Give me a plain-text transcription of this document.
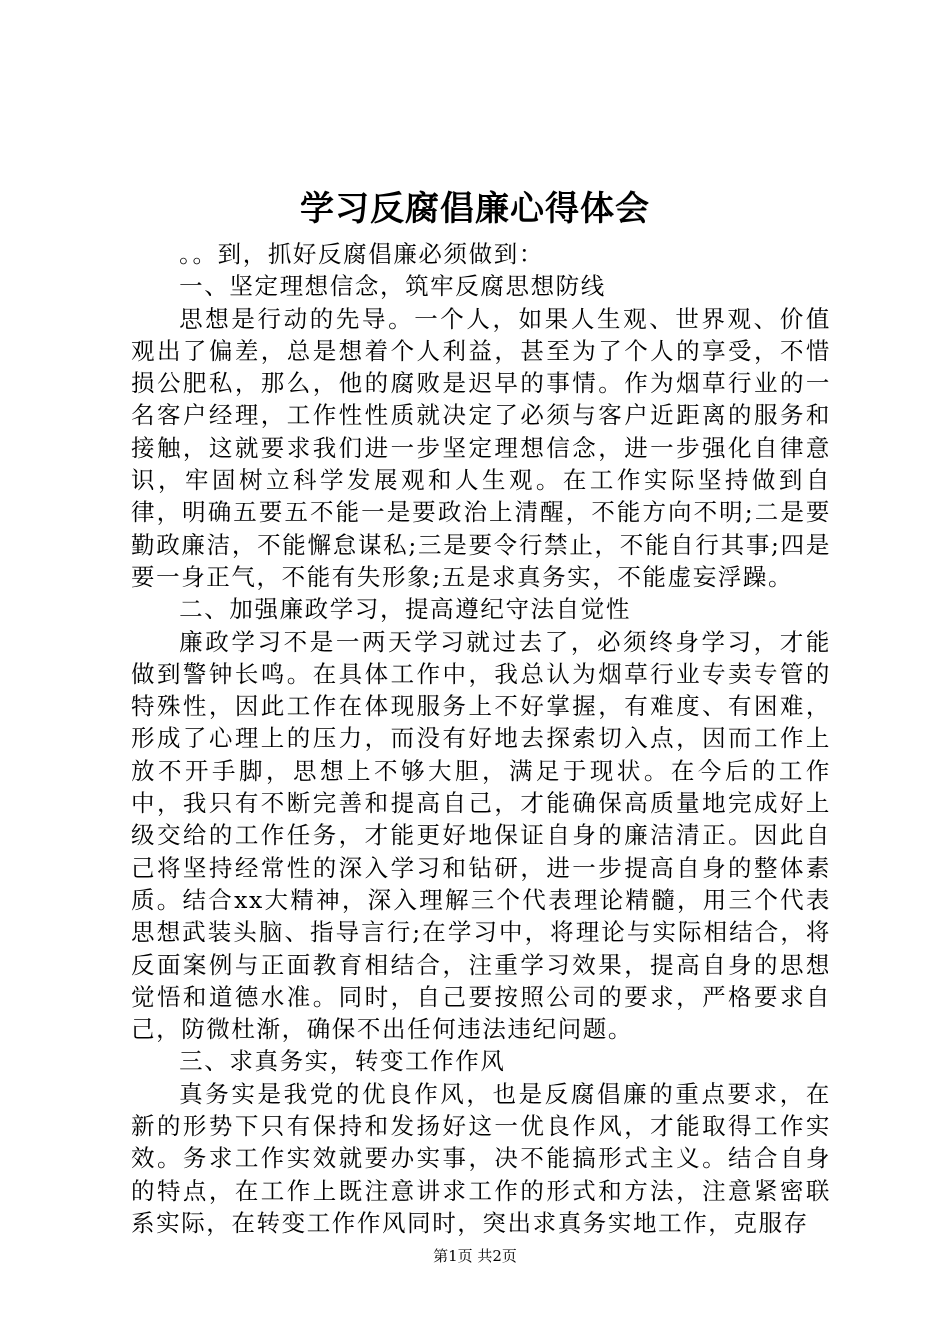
学习反腐倡廉心得体会

。。到，抓好反腐倡廉必须做到：

一、坚定理想信念，筑牢反腐思想防线

思想是行动的先导。一个人，如果人生观、世界观、价值观出了偏差，总是想着个人利益，甚至为了个人的享受，不惜损公肥私，那么，他的腐败是迟早的事情。作为烟草行业的一名客户经理，工作性性质就决定了必须与客户近距离的服务和接触，这就要求我们进一步坚定理想信念，进一步强化自律意识，牢固树立科学发展观和人生观。在工作实际坚持做到自律，明确五要五不能一是要政治上清醒，不能方向不明;二是要勤政廉洁，不能懈怠谋私;三是要令行禁止，不能自行其事;四是要一身正气，不能有失形象;五是求真务实，不能虚妄浮躁。

二、加强廉政学习，提高遵纪守法自觉性

廉政学习不是一两天学习就过去了，必须终身学习，才能做到警钟长鸣。在具体工作中，我总认为烟草行业专卖专管的特殊性，因此工作在体现服务上不好掌握，有难度、有困难，形成了心理上的压力，而没有好地去探索切入点，因而工作上放不开手脚，思想上不够大胆，满足于现状。在今后的工作中，我只有不断完善和提高自己，才能确保高质量地完成好上级交给的工作任务，才能更好地保证自身的廉洁清正。因此自己将坚持经常性的深入学习和钻研，进一步提高自身的整体素质。结合xx大精神，深入理解三个代表理论精髓，用三个代表思想武装头脑、指导言行;在学习中，将理论与实际相结合，将反面案例与正面教育相结合，注重学习效果，提高自身的思想觉悟和道德水准。同时，自己要按照公司的要求，严格要求自己，防微杜渐，确保不出任何违法违纪问题。

三、求真务实，转变工作作风

真务实是我党的优良作风，也是反腐倡廉的重点要求，在新的形势下只有保持和发扬好这一优良作风，才能取得工作实效。务求工作实效就要办实事，决不能搞形式主义。结合自身的特点，在工作上既注意讲求工作的形式和方法，注意紧密联系实际，在转变工作作风同时，突出求真务实地工作，克服存

第1页 共2页
